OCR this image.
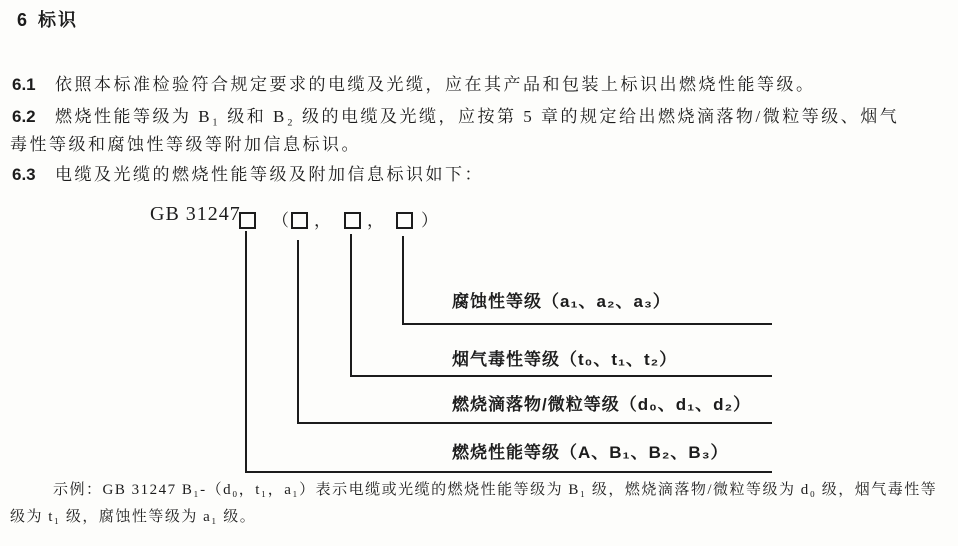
6 标识
6.1 依照本标准检验符合规定要求的电缆及光缆，应在其产品和包装上标识出燃烧性能等级。
6.2 燃烧性能等级为 B₁ 级和 B₂ 级的电缆及光缆，应按第 5 章的规定给出燃烧滴落物/微粒等级、烟气
毒性等级和腐蚀性等级等附加信息标识。
6.3 电缆及光缆的燃烧性能等级及附加信息标识如下：
GB 31247 （ ， ， ）
腐蚀性等级（a₁、a₂、a₃）
烟气毒性等级（t₀、t₁、t₂）
燃烧滴落物/微粒等级（d₀、d₁、d₂）
燃烧性能等级（A、B₁、B₂、B₃）
示例：GB 31247 B₁-（d₀，t₁，a₁）表示电缆或光缆的燃烧性能等级为 B₁ 级，燃烧滴落物/微粒等级为 d₀ 级，烟气毒性等
级为 t₁ 级，腐蚀性等级为 a₁ 级。
